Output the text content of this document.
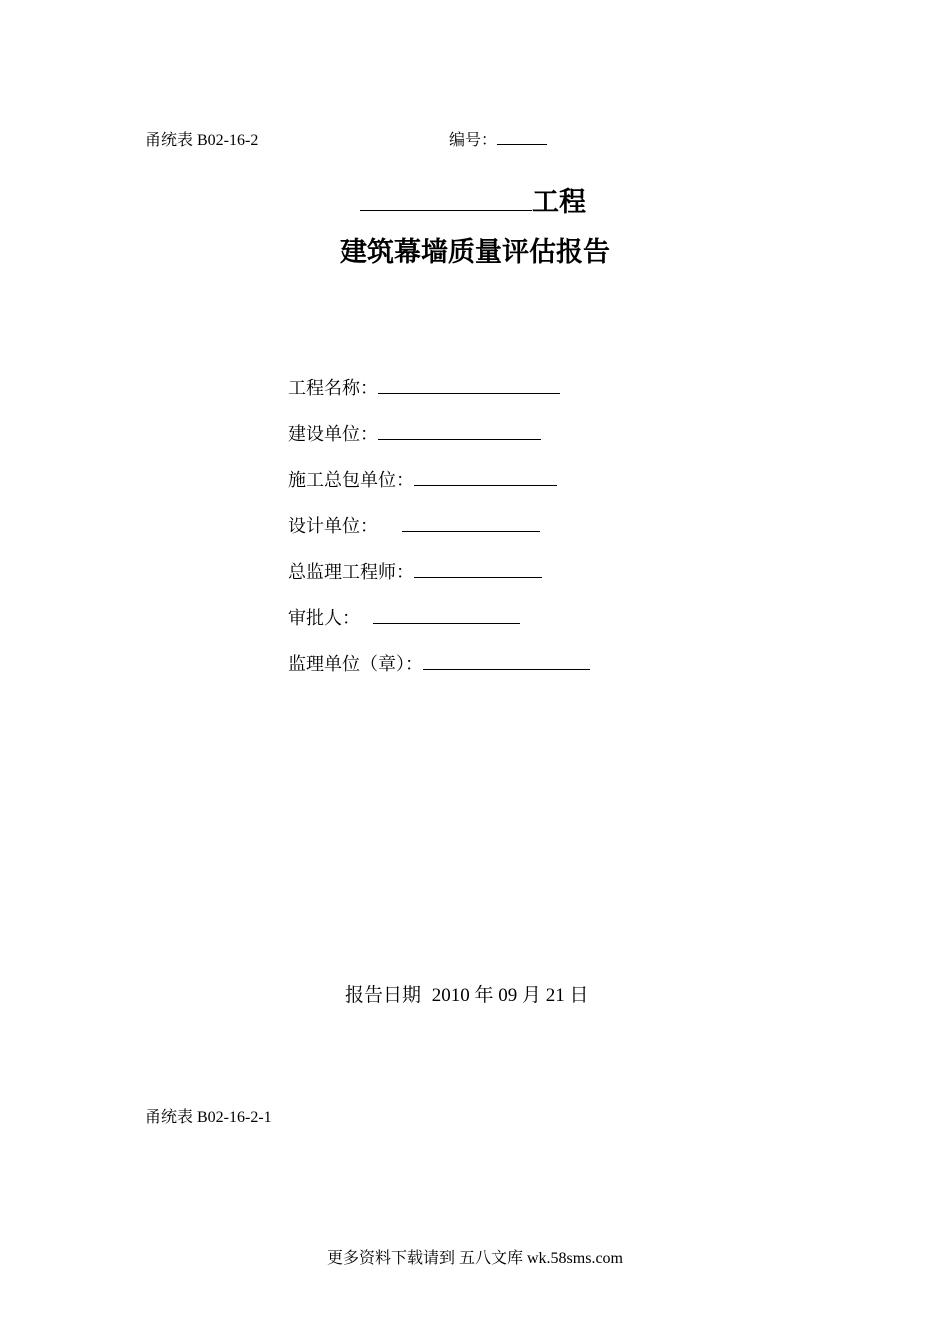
甬统表 B02-16-2	编号：
工程
建筑幕墙质量评估报告
工程名称：
建设单位：
施工总包单位：
设计单位：
总监理工程师：
审批人：
监理单位（章）：
报告日期 2010 年 09 月 21 日
甬统表 B02-16-2-1
更多资料下载请到 五八文库 wk.58sms.com
